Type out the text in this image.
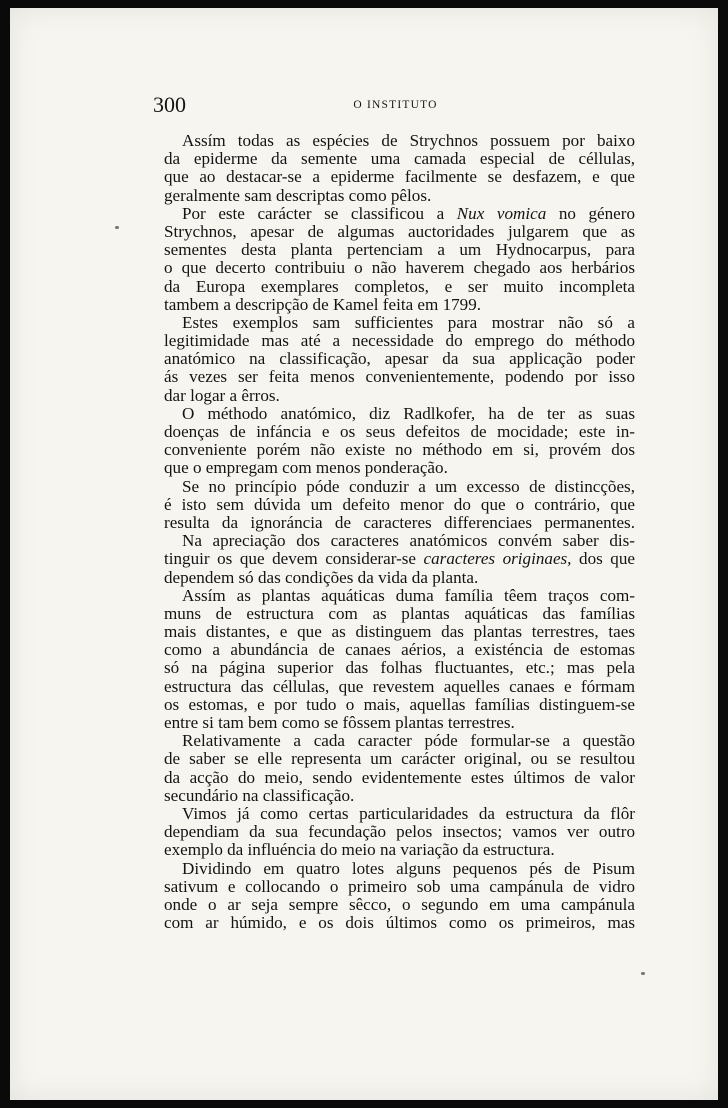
300	O INSTITUTO
Assím todas as espécies de Strychnos possuem por baixo
da epiderme da semente uma camada especial de céllulas,
que ao destacar-se a epiderme facilmente se desfazem, e que
geralmente sam descriptas como pêlos.
Por este carácter se classificou a Nux vomica no género
Strychnos, apesar de algumas auctoridades julgarem que as
sementes desta planta pertenciam a um Hydnocarpus, para
o que decerto contribuiu o não haverem chegado aos herbários
da Europa exemplares completos, e ser muito incompleta
tambem a descripção de Kamel feita em 1799.
Estes exemplos sam sufficientes para mostrar não só a
legitimidade mas até a necessidade do emprego do méthodo
anatómico na classificação, apesar da sua applicação poder
ás vezes ser feita menos convenientemente, podendo por isso
dar logar a êrros.
O méthodo anatómico, diz Radlkofer, ha de ter as suas
doenças de infáncia e os seus defeitos de mocidade; este in-
conveniente porém não existe no méthodo em si, provém dos
que o empregam com menos ponderação.
Se no princípio póde conduzir a um excesso de distincções,
é isto sem dúvida um defeito menor do que o contrário, que
resulta da ignoráncia de caracteres differenciaes permanentes.
Na apreciação dos caracteres anatómicos convém saber dis-
tinguir os que devem considerar-se caracteres originaes, dos que
dependem só das condições da vida da planta.
Assím as plantas aquáticas duma família têem traços com-
muns de estructura com as plantas aquáticas das famílias
mais distantes, e que as distinguem das plantas terrestres, taes
como a abundáncia de canaes aérios, a existéncia de estomas
só na página superior das folhas fluctuantes, etc.; mas pela
estructura das céllulas, que revestem aquelles canaes e fórmam
os estomas, e por tudo o mais, aquellas famílias distinguem-se
entre si tam bem como se fôssem plantas terrestres.
Relativamente a cada caracter póde formular-se a questão
de saber se elle representa um carácter original, ou se resultou
da acção do meio, sendo evidentemente estes últimos de valor
secundário na classificação.
Vimos já como certas particularidades da estructura da flôr
dependiam da sua fecundação pelos insectos; vamos ver outro
exemplo da influéncia do meio na variação da estructura.
Dividindo em quatro lotes alguns pequenos pés de Pisum
sativum e collocando o primeiro sob uma campánula de vidro
onde o ar seja sempre sêcco, o segundo em uma campánula
com ar húmido, e os dois últimos como os primeiros, mas
